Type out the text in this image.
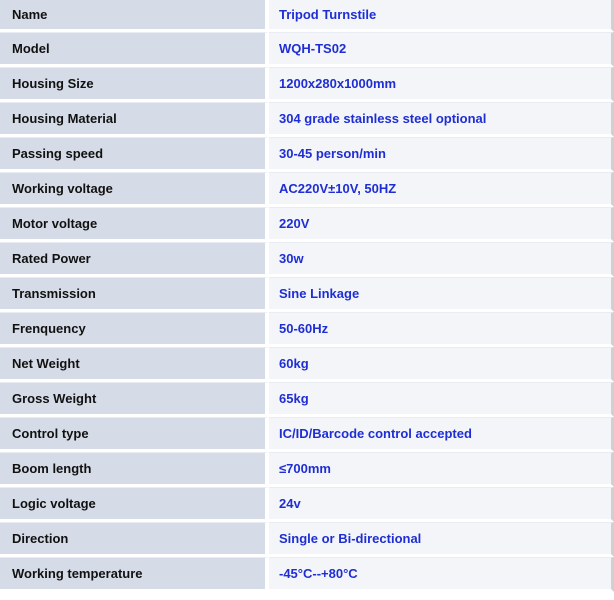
Name	Tripod Turnstile
Model	WQH-TS02
Housing Size	1200x280x1000mm
Housing Material	304 grade stainless steel optional
Passing speed	30-45 person/min
Working voltage	AC220V±10V, 50HZ
Motor voltage	220V
Rated Power	30w
Transmission	Sine Linkage
Frenquency	50-60Hz
Net Weight	60kg
Gross Weight	65kg
Control type	IC/ID/Barcode control accepted
Boom length	≤700mm
Logic voltage	24v
Direction	Single or Bi-directional
Working temperature	-45°C--+80°C
